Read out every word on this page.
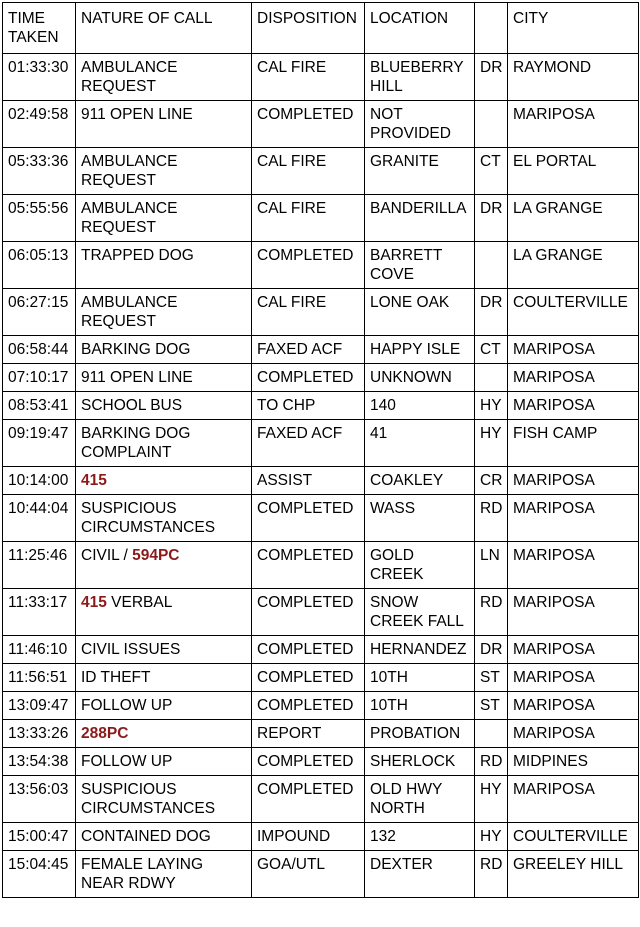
TIME TAKEN	NATURE OF CALL	DISPOSITION	LOCATION		CITY
01:33:30	AMBULANCE REQUEST	CAL FIRE	BLUEBERRY HILL	DR	RAYMOND
02:49:58	911 OPEN LINE	COMPLETED	NOT PROVIDED		MARIPOSA
05:33:36	AMBULANCE REQUEST	CAL FIRE	GRANITE	CT	EL PORTAL
05:55:56	AMBULANCE REQUEST	CAL FIRE	BANDERILLA	DR	LA GRANGE
06:05:13	TRAPPED DOG	COMPLETED	BARRETT COVE		LA GRANGE
06:27:15	AMBULANCE REQUEST	CAL FIRE	LONE OAK	DR	COULTERVILLE
06:58:44	BARKING DOG	FAXED ACF	HAPPY ISLE	CT	MARIPOSA
07:10:17	911 OPEN LINE	COMPLETED	UNKNOWN		MARIPOSA
08:53:41	SCHOOL BUS	TO CHP	140	HY	MARIPOSA
09:19:47	BARKING DOG COMPLAINT	FAXED ACF	41	HY	FISH CAMP
10:14:00	415	ASSIST	COAKLEY	CR	MARIPOSA
10:44:04	SUSPICIOUS CIRCUMSTANCES	COMPLETED	WASS	RD	MARIPOSA
11:25:46	CIVIL / 594PC	COMPLETED	GOLD CREEK	LN	MARIPOSA
11:33:17	415 VERBAL	COMPLETED	SNOW CREEK FALL	RD	MARIPOSA
11:46:10	CIVIL ISSUES	COMPLETED	HERNANDEZ	DR	MARIPOSA
11:56:51	ID THEFT	COMPLETED	10TH	ST	MARIPOSA
13:09:47	FOLLOW UP	COMPLETED	10TH	ST	MARIPOSA
13:33:26	288PC	REPORT	PROBATION		MARIPOSA
13:54:38	FOLLOW UP	COMPLETED	SHERLOCK	RD	MIDPINES
13:56:03	SUSPICIOUS CIRCUMSTANCES	COMPLETED	OLD HWY NORTH	HY	MARIPOSA
15:00:47	CONTAINED DOG	IMPOUND	132	HY	COULTERVILLE
15:04:45	FEMALE LAYING NEAR RDWY	GOA/UTL	DEXTER	RD	GREELEY HILL
